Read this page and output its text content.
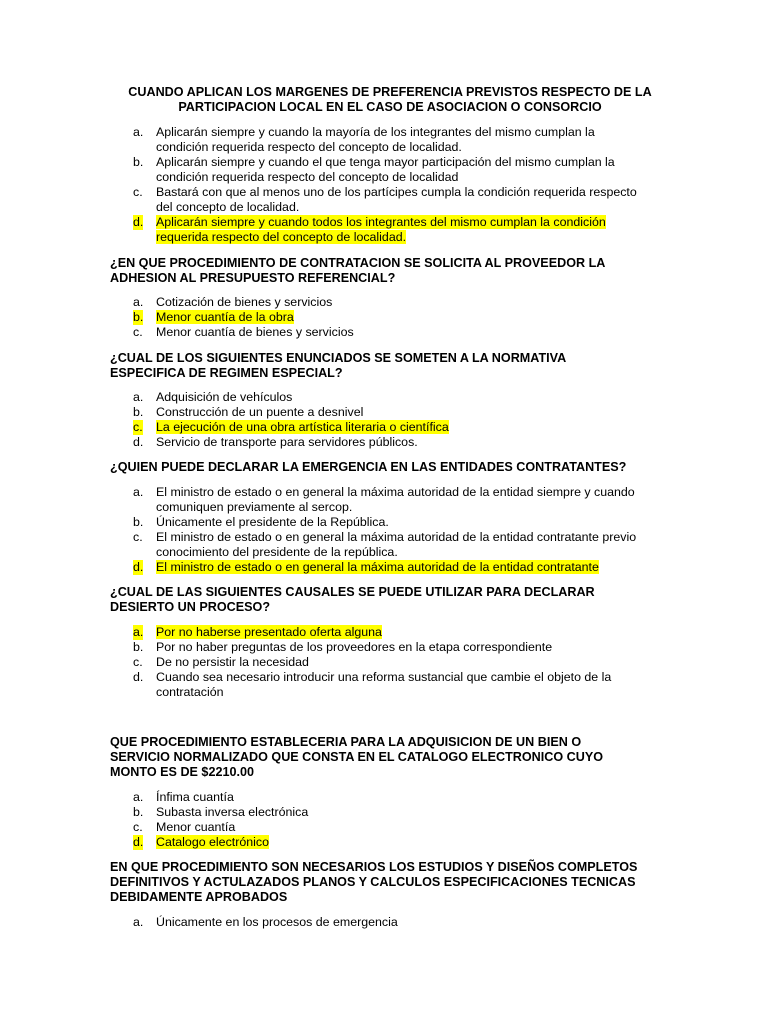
CUANDO APLICAN LOS MARGENES DE PREFERENCIA PREVISTOS RESPECTO DE LA
PARTICIPACION LOCAL EN EL CASO DE ASOCIACION O CONSORCIO
a. Aplicarán siempre y cuando la mayoría de los integrantes del mismo cumplan la
condición requerida respecto del concepto de localidad.
b. Aplicarán siempre y cuando el que tenga mayor participación del mismo cumplan la
condición requerida respecto del concepto de localidad
c. Bastará con que al menos uno de los partícipes cumpla la condición requerida respecto
del concepto de localidad.
d. Aplicarán siempre y cuando todos los integrantes del mismo cumplan la condición
requerida respecto del concepto de localidad.
¿EN QUE PROCEDIMIENTO DE CONTRATACION SE SOLICITA AL PROVEEDOR LA
ADHESION AL PRESUPUESTO REFERENCIAL?
a. Cotización de bienes y servicios
b. Menor cuantía de la obra
c. Menor cuantía de bienes y servicios
¿CUAL DE LOS SIGUIENTES ENUNCIADOS SE SOMETEN A LA NORMATIVA
ESPECIFICA DE REGIMEN ESPECIAL?
a. Adquisición de vehículos
b. Construcción de un puente a desnivel
c. La ejecución de una obra artística literaria o científica
d. Servicio de transporte para servidores públicos.
¿QUIEN PUEDE DECLARAR LA EMERGENCIA EN LAS ENTIDADES CONTRATANTES?
a. El ministro de estado o en general la máxima autoridad de la entidad siempre y cuando
comuniquen previamente al sercop.
b. Únicamente el presidente de la República.
c. El ministro de estado o en general la máxima autoridad de la entidad contratante previo
conocimiento del presidente de la república.
d. El ministro de estado o en general la máxima autoridad de la entidad contratante
¿CUAL DE LAS SIGUIENTES CAUSALES SE PUEDE UTILIZAR PARA DECLARAR
DESIERTO UN PROCESO?
a. Por no haberse presentado oferta alguna
b. Por no haber preguntas de los proveedores en la etapa correspondiente
c. De no persistir la necesidad
d. Cuando sea necesario introducir una reforma sustancial que cambie el objeto de la
contratación
QUE PROCEDIMIENTO ESTABLECERIA PARA LA ADQUISICION DE UN BIEN O
SERVICIO NORMALIZADO QUE CONSTA EN EL CATALOGO ELECTRONICO CUYO
MONTO ES DE $2210.00
a. Ínfima cuantía
b. Subasta inversa electrónica
c. Menor cuantía
d. Catalogo electrónico
EN QUE PROCEDIMIENTO SON NECESARIOS LOS ESTUDIOS Y DISEÑOS COMPLETOS
DEFINITIVOS Y ACTULAZADOS PLANOS Y CALCULOS ESPECIFICACIONES TECNICAS
DEBIDAMENTE APROBADOS
a. Únicamente en los procesos de emergencia
